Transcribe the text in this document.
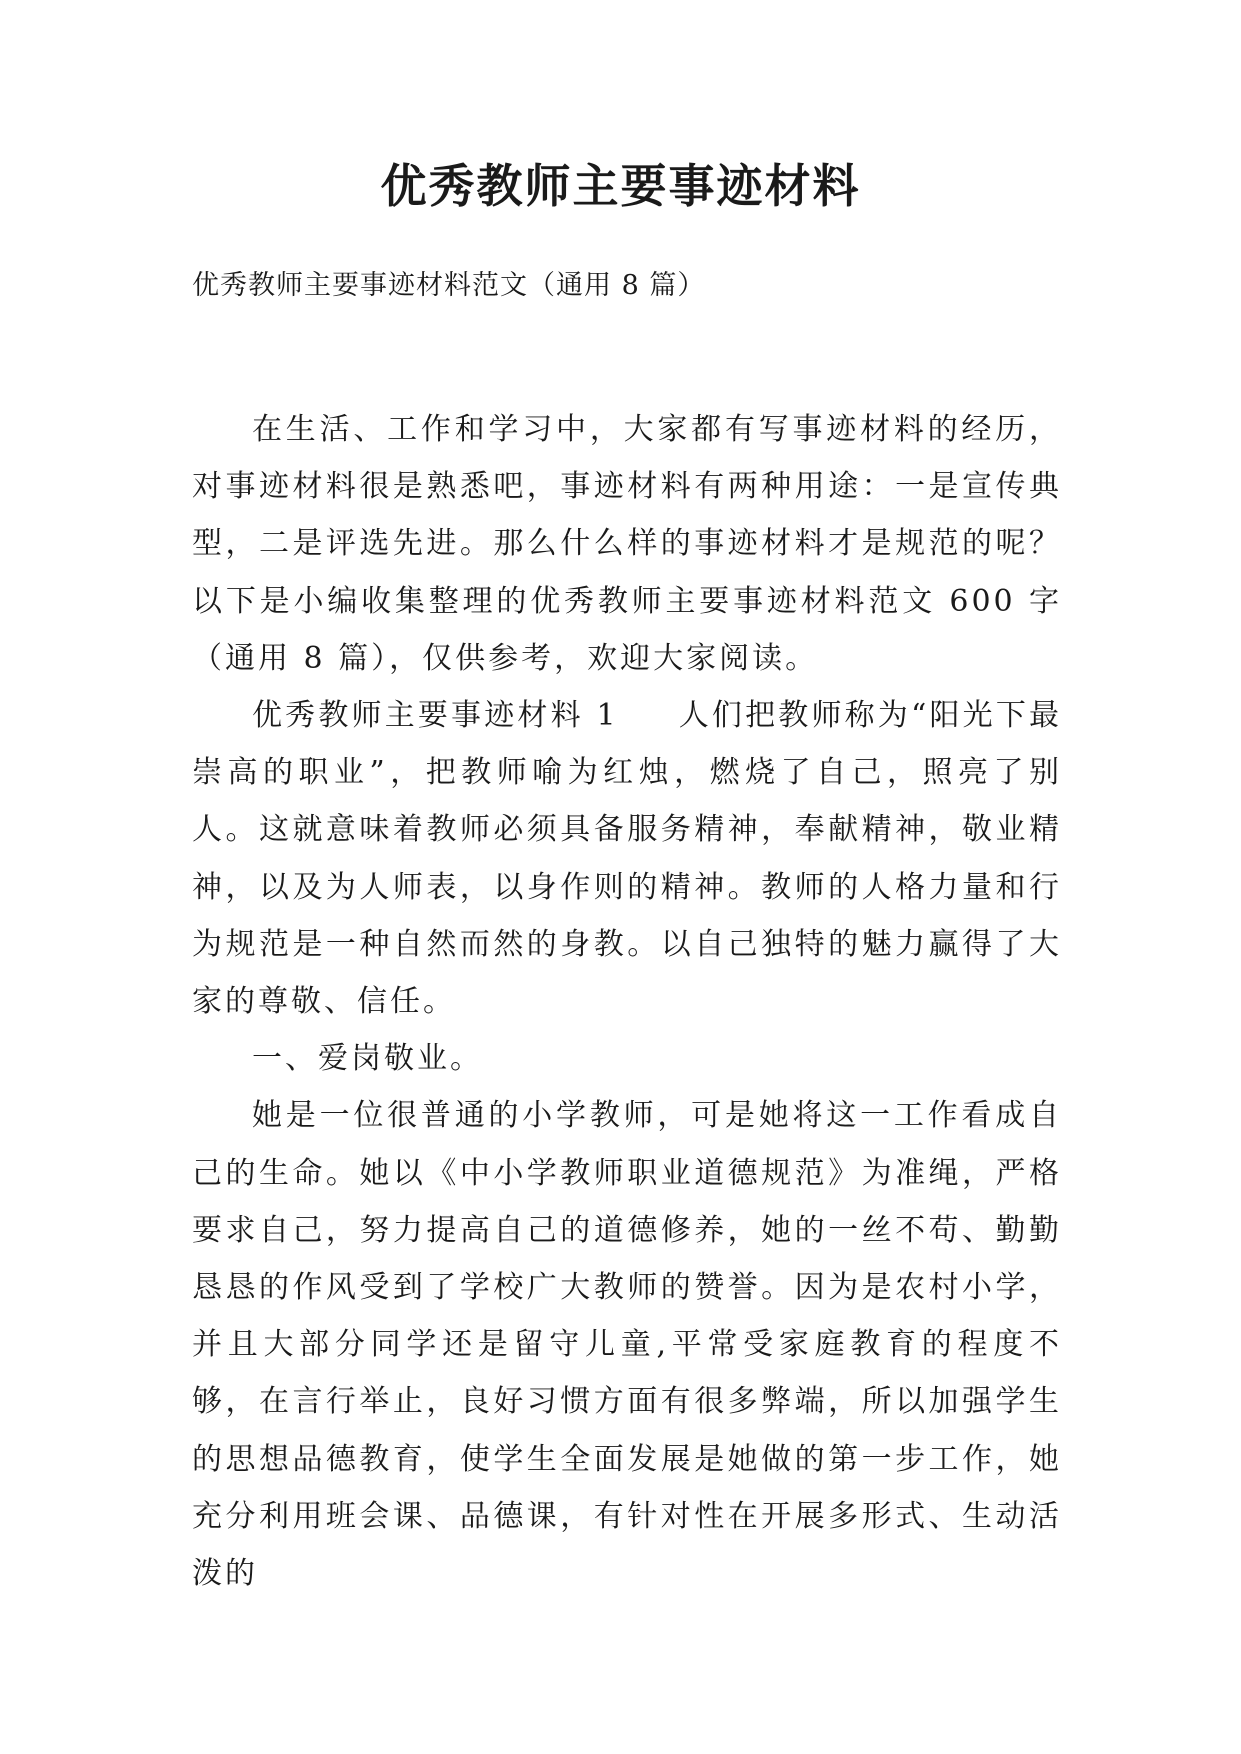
优秀教师主要事迹材料

优秀教师主要事迹材料范文（通用 8 篇）

在生活、工作和学习中，大家都有写事迹材料的经历，对事迹材料很是熟悉吧，事迹材料有两种用途：一是宣传典型，二是评选先进。那么什么样的事迹材料才是规范的呢？以下是小编收集整理的优秀教师主要事迹材料范文 600 字（通用 8 篇），仅供参考，欢迎大家阅读。

优秀教师主要事迹材料 1 人们把教师称为“阳光下最崇高的职业”，把教师喻为红烛，燃烧了自己，照亮了别人。这就意味着教师必须具备服务精神，奉献精神，敬业精神，以及为人师表，以身作则的精神。教师的人格力量和行为规范是一种自然而然的身教。以自己独特的魅力赢得了大家的尊敬、信任。

一、爱岗敬业。

她是一位很普通的小学教师，可是她将这一工作看成自己的生命。她以《中小学教师职业道德规范》为准绳，严格要求自己，努力提高自己的道德修养，她的一丝不苟、勤勤恳恳的作风受到了学校广大教师的赞誉。因为是农村小学，并且大部分同学还是留守儿童,平常受家庭教育的程度不够，在言行举止，良好习惯方面有很多弊端，所以加强学生的思想品德教育，使学生全面发展是她做的第一步工作，她充分利用班会课、品德课，有针对性在开展多形式、生动活泼的
